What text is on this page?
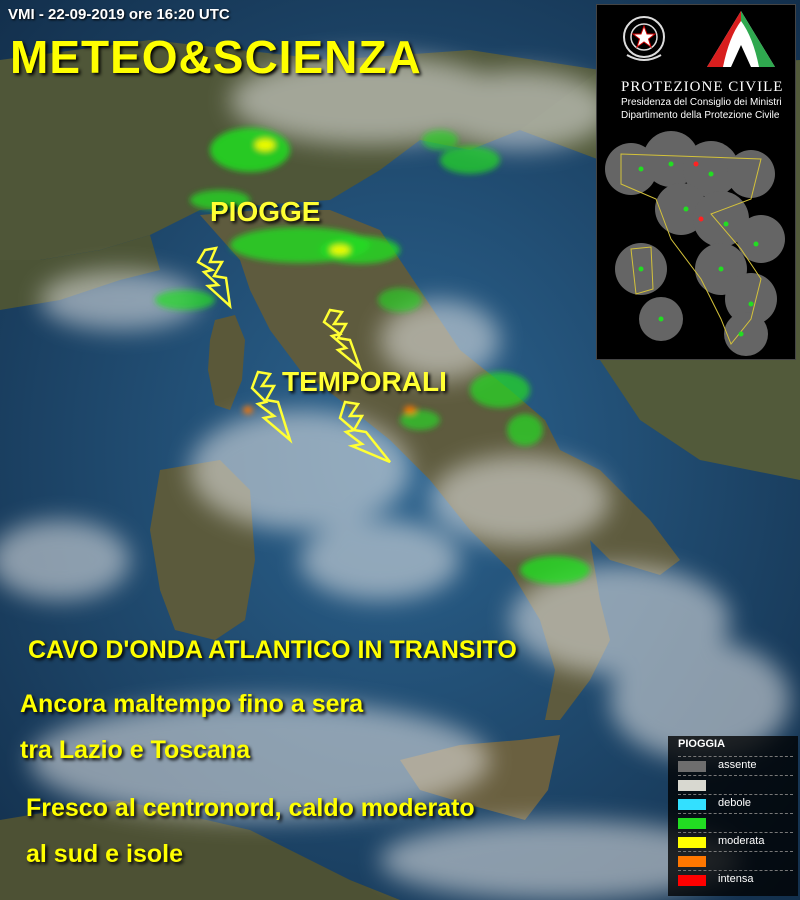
VMI - 22-09-2019 ore 16:20 UTC

METEO&SCIENZA

PIOGGE

TEMPORALI

PROTEZIONE CIVILE

Presidenza del Consiglio dei Ministri

Dipartimento della Protezione Civile

CAVO D'ONDA ATLANTICO IN TRANSITO

Ancora maltempo fino a sera

tra Lazio e Toscana

Fresco al centronord, caldo moderato

al sud e isole

PIOGGIA
assente
debole
moderata
intensa
